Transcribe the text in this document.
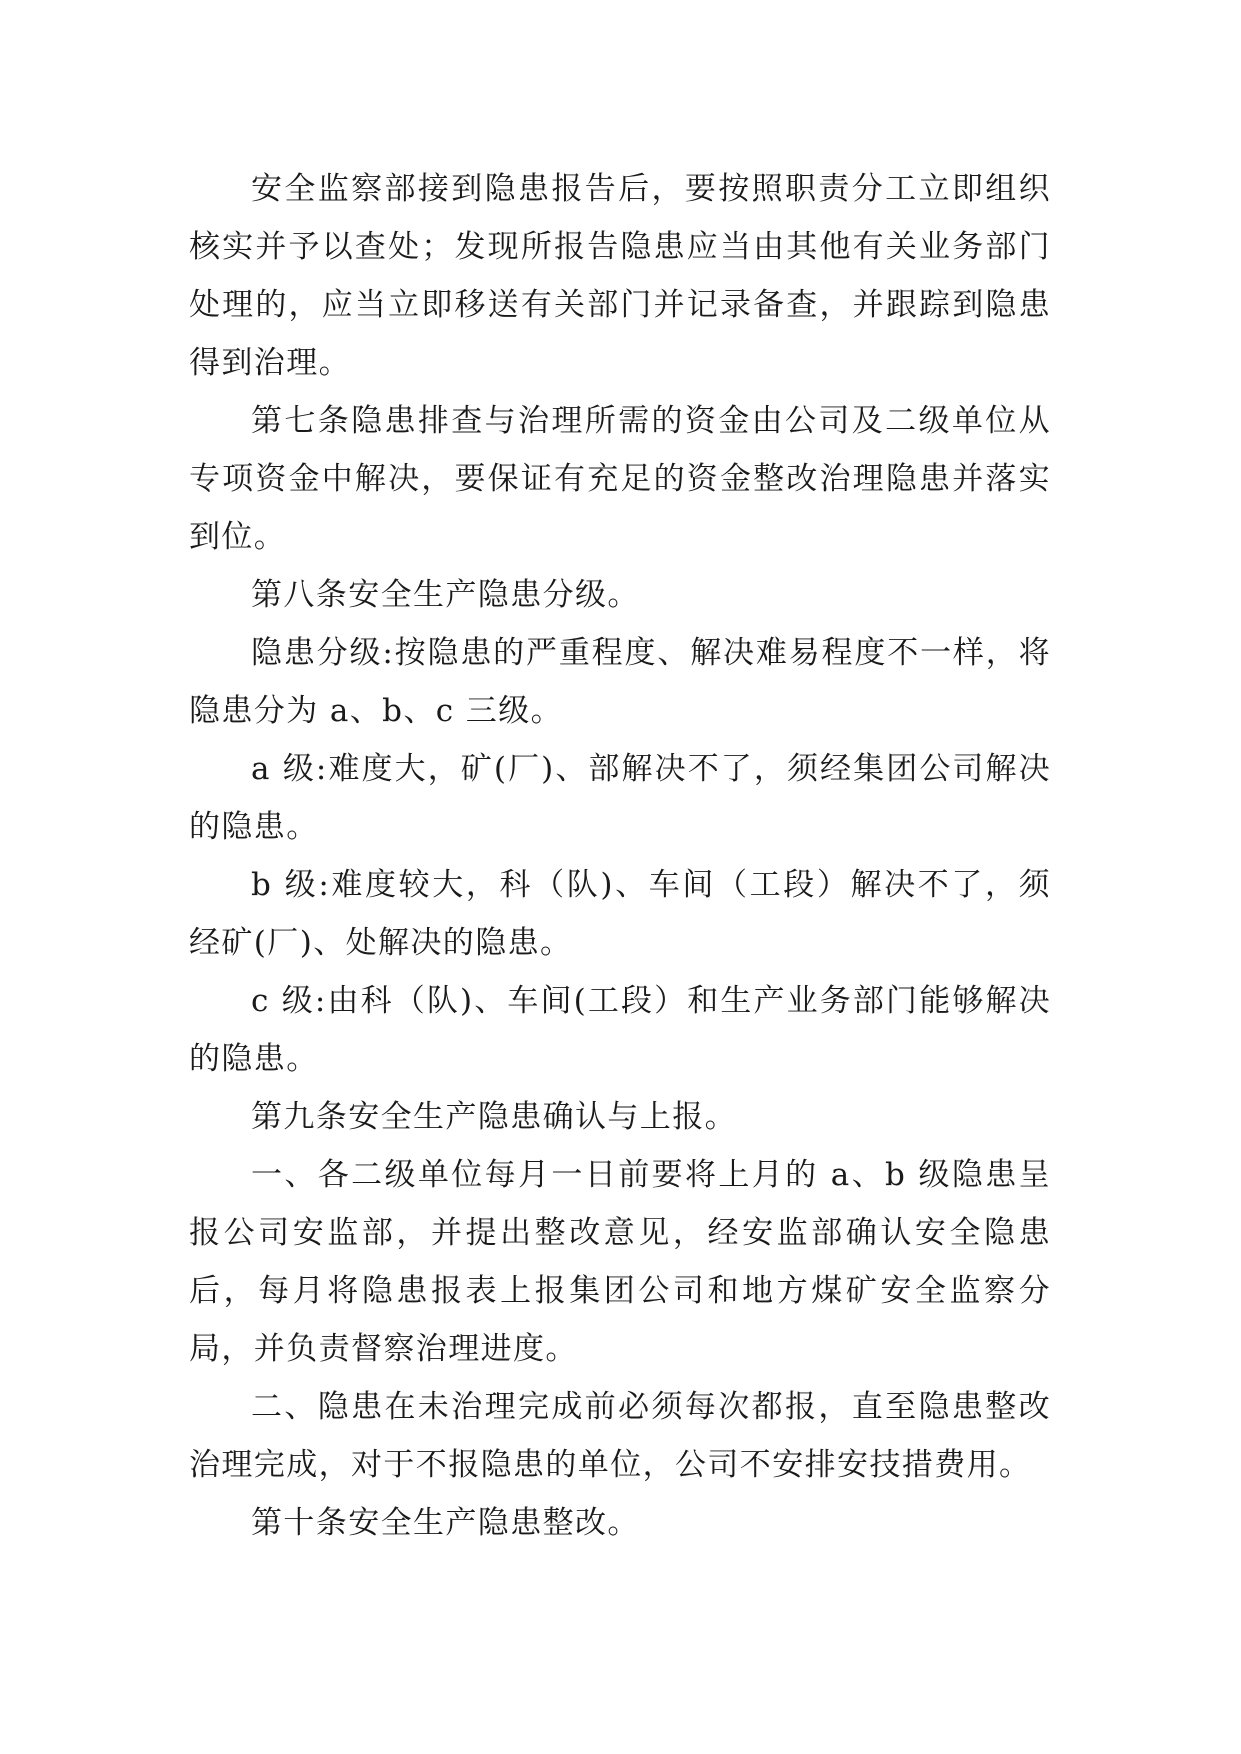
安全监察部接到隐患报告后，要按照职责分工立即组织核实并予以查处；发现所报告隐患应当由其他有关业务部门处理的，应当立即移送有关部门并记录备查，并跟踪到隐患得到治理。

第七条隐患排查与治理所需的资金由公司及二级单位从专项资金中解决，要保证有充足的资金整改治理隐患并落实到位。

第八条安全生产隐患分级。

隐患分级:按隐患的严重程度、解决难易程度不一样，将隐患分为 a、b、c 三级。

a 级:难度大，矿(厂)、部解决不了，须经集团公司解决的隐患。

b 级:难度较大，科（队)、车间（工段）解决不了，须经矿(厂)、处解决的隐患。

c 级:由科（队)、车间(工段）和生产业务部门能够解决的隐患。

第九条安全生产隐患确认与上报。

一、各二级单位每月一日前要将上月的 a、b 级隐患呈报公司安监部，并提出整改意见，经安监部确认安全隐患后，每月将隐患报表上报集团公司和地方煤矿安全监察分局，并负责督察治理进度。

二、隐患在未治理完成前必须每次都报，直至隐患整改治理完成，对于不报隐患的单位，公司不安排安技措费用。

第十条安全生产隐患整改。
